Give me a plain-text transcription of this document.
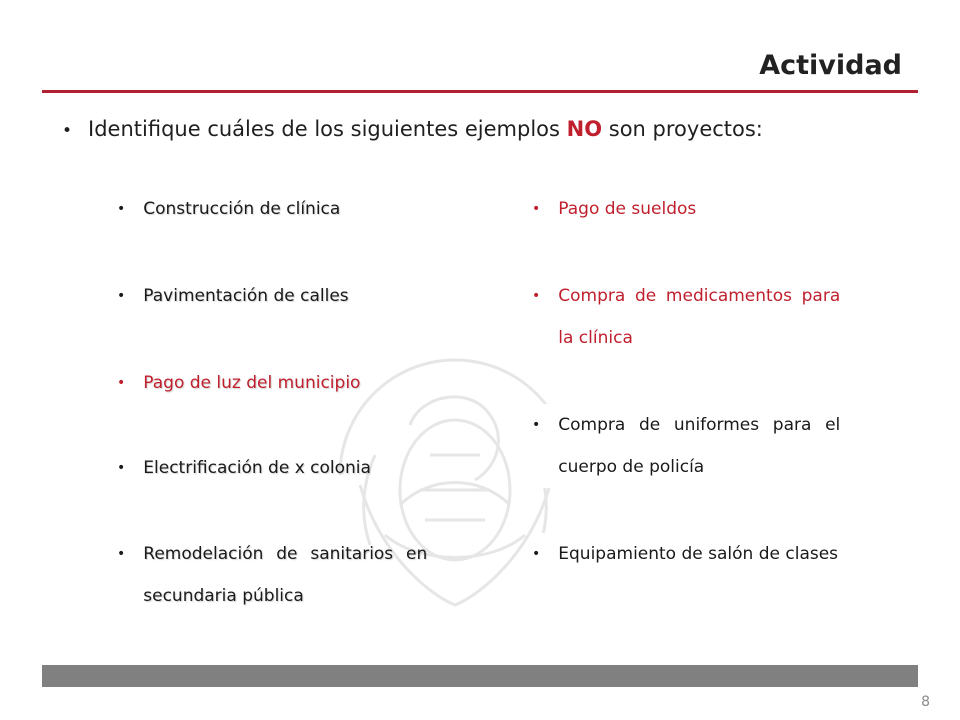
Actividad
• Identifique cuáles de los siguientes ejemplos NO son proyectos:
• Construcción de clínica
• Pavimentación de calles
• Pago de luz del municipio
• Electrificación de x colonia
• Remodelación de sanitarios en secundaria pública
• Pago de sueldos
• Compra de medicamentos para la clínica
• Compra de uniformes para el cuerpo de policía
• Equipamiento de salón de clases
8
